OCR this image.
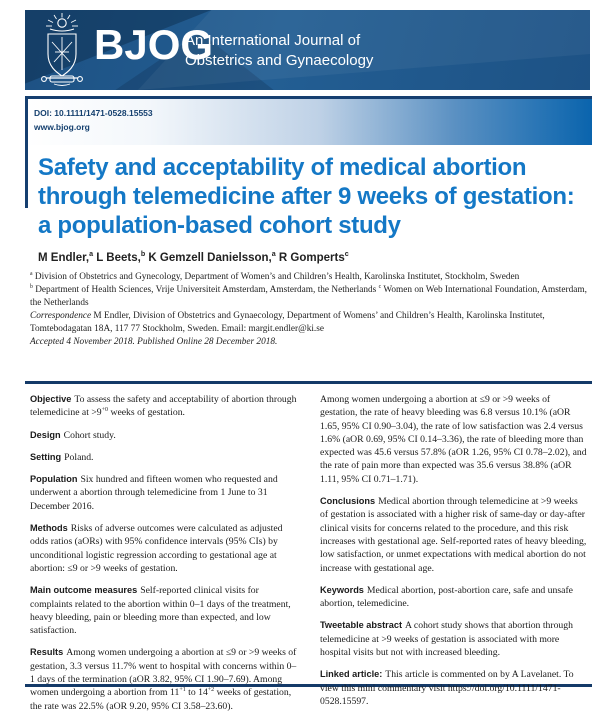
BJOG
An International Journal of
Obstetrics and Gynaecology
DOI: 10.1111/1471-0528.15553
www.bjog.org
Safety and acceptability of medical abortion
through telemedicine after 9 weeks of gestation:
a population-based cohort study
M Endler,$^a$ L Beets,$^b$ K Gemzell Danielsson,$^a$ R Gomperts$^c$

$^a$ Division of Obstetrics and Gynecology, Department of Women’s and Children’s Health, Karolinska Institutet, Stockholm, Sweden

$^b$ Department of Health Sciences, Vrije Universiteit Amsterdam, Amsterdam, the Netherlands $^c$ Women on Web International Foundation, Amsterdam, the Netherlands

Correspondence M Endler, Division of Obstetrics and Gynaecology, Department of Womens’ and Children’s Health, Karolinska Institutet, Tomtebodagatan 18A, 117 77 Stockholm, Sweden. Email: margit.endler@ki.se

Accepted 4 November 2018. Published Online 28 December 2018.

Objective To assess the safety and acceptability of abortion through telemedicine at $>9^{+0}$ weeks of gestation.

Design Cohort study.

Setting Poland.

Population Six hundred and fifteen women who requested and underwent a abortion through telemedicine from 1 June to 31 December 2016.

Methods Risks of adverse outcomes were calculated as adjusted odds ratios (aORs) with 95% confidence intervals (95% CIs) by unconditional logistic regression according to gestational age at abortion: ≤9 or >9 weeks of gestation.

Main outcome measures Self-reported clinical visits for complaints related to the abortion within 0–1 days of the treatment, heavy bleeding, pain or bleeding more than expected, and low satisfaction.

Results Among women undergoing a abortion at ≤9 or >9 weeks of gestation, 3.3 versus 11.7% went to hospital with concerns within 0–1 days of the termination (aOR 3.82, 95% CI 1.90–7.69). Among women undergoing a abortion from $11^{+1}$ to $14^{+2}$ weeks of gestation, the rate was 22.5% (aOR 9.20, 95% CI 3.58–23.60).

Among women undergoing a abortion at ≤9 or >9 weeks of gestation, the rate of heavy bleeding was 6.8 versus 10.1% (aOR 1.65, 95% CI 0.90–3.04), the rate of low satisfaction was 2.4 versus 1.6% (aOR 0.69, 95% CI 0.14–3.36), the rate of bleeding more than expected was 45.6 versus 57.8% (aOR 1.26, 95% CI 0.78–2.02), and the rate of pain more than expected was 35.6 versus 38.8% (aOR 1.11, 95% CI 0.71–1.71).

Conclusions Medical abortion through telemedicine at >9 weeks of gestation is associated with a higher risk of same-day or day-after clinical visits for concerns related to the procedure, and this risk increases with gestational age. Self-reported rates of heavy bleeding, low satisfaction, or unmet expectations with medical abortion do not increase with gestational age.

Keywords Medical abortion, post-abortion care, safe and unsafe abortion, telemedicine.

Tweetable abstract A cohort study shows that abortion through telemedicine at >9 weeks of gestation is associated with more hospital visits but not with increased bleeding.

Linked article: This article is commented on by A Lavelanet. To view this mini commentary visit https://doi.org/10.1111/1471-0528.15597.
